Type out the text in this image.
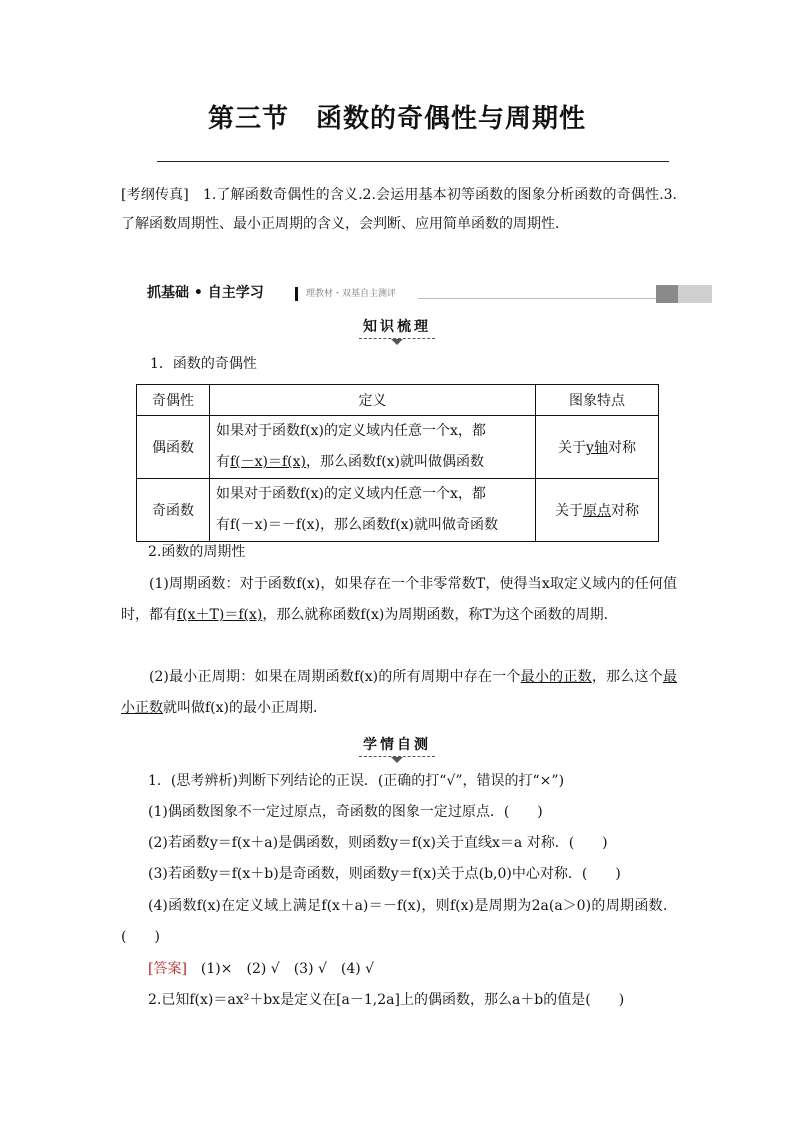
第三节　函数的奇偶性与周期性
[考纲传真]　1.了解函数奇偶性的含义.2.会运用基本初等函数的图象分析函数的奇偶性.3.了解函数周期性、最小正周期的含义，会判断、应用简单函数的周期性．
抓基础 • 自主学习	理教材・双基自主测评
知识梳理
1．函数的奇偶性
奇偶性	定义	图象特点
偶函数	如果对于函数f(x)的定义域内任意一个x，都
有f(－x)＝f(x)，那么函数f(x)就叫做偶函数	关于y轴对称
奇函数	如果对于函数f(x)的定义域内任意一个x，都
有f(－x)＝－f(x)，那么函数f(x)就叫做奇函数	关于原点对称
2.函数的周期性
(1)周期函数：对于函数f(x)，如果存在一个非零常数T，使得当x取定义域内的任何值时，都有f(x＋T)＝f(x)，那么就称函数f(x)为周期函数，称T为这个函数的周期．
(2)最小正周期：如果在周期函数f(x)的所有周期中存在一个最小的正数，那么这个最小正数就叫做f(x)的最小正周期．
学情自测
1．(思考辨析)判断下列结论的正误．(正确的打“√”，错误的打“×”)
(1)偶函数图象不一定过原点，奇函数的图象一定过原点．(　　)
(2)若函数y＝f(x＋a)是偶函数，则函数y＝f(x)关于直线x＝a 对称．(　　)
(3)若函数y＝f(x＋b)是奇函数，则函数y＝f(x)关于点(b,0)中心对称．(　　)
(4)函数f(x)在定义域上满足f(x＋a)＝－f(x)，则f(x)是周期为2a(a＞0)的周期函数．(　　)
[答案]　(1)×　(2) √　(3) √　(4) √
2.已知f(x)＝ax²＋bx是定义在[a－1,2a]上的偶函数，那么a＋b的值是(　　)
